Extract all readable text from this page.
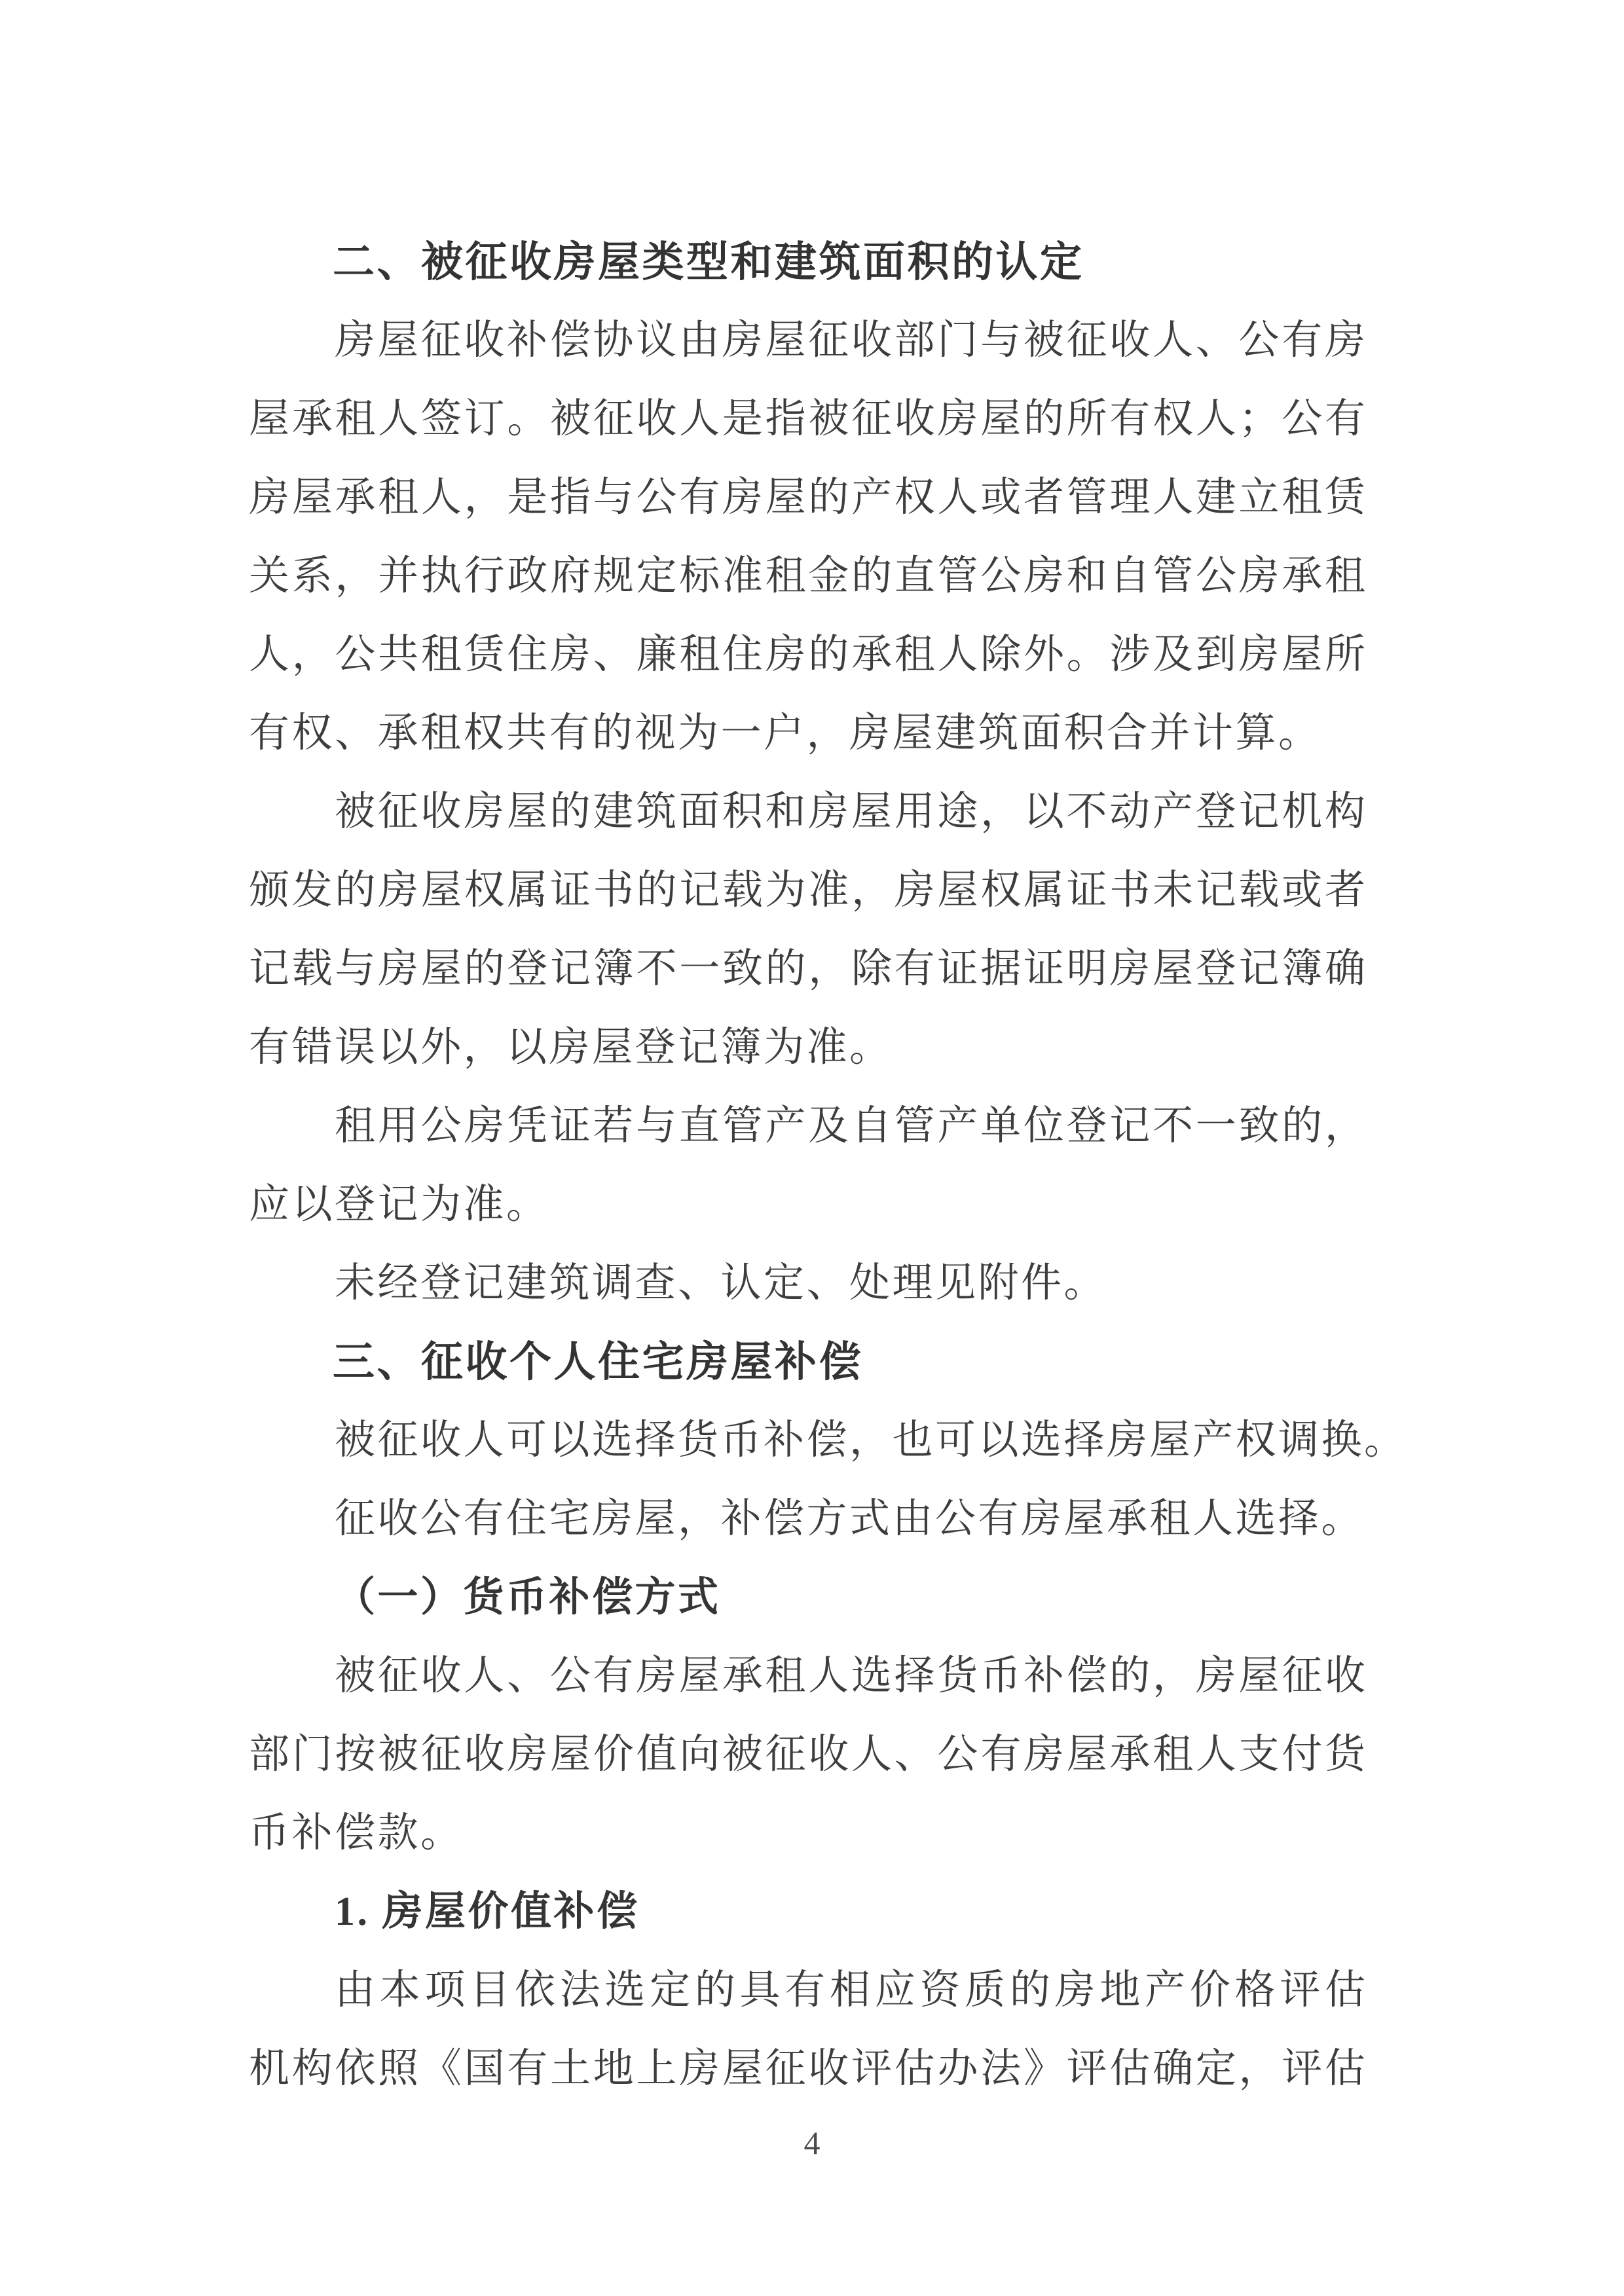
二、被征收房屋类型和建筑面积的认定
房屋征收补偿协议由房屋征收部门与被征收人、公有房
屋承租人签订。被征收人是指被征收房屋的所有权人；公有
房屋承租人，是指与公有房屋的产权人或者管理人建立租赁
关系，并执行政府规定标准租金的直管公房和自管公房承租
人，公共租赁住房、廉租住房的承租人除外。涉及到房屋所
有权、承租权共有的视为一户，房屋建筑面积合并计算。
被征收房屋的建筑面积和房屋用途，以不动产登记机构
颁发的房屋权属证书的记载为准，房屋权属证书未记载或者
记载与房屋的登记簿不一致的，除有证据证明房屋登记簿确
有错误以外，以房屋登记簿为准。
租用公房凭证若与直管产及自管产单位登记不一致的，
应以登记为准。
未经登记建筑调查、认定、处理见附件。
三、征收个人住宅房屋补偿
被征收人可以选择货币补偿，也可以选择房屋产权调换。
征收公有住宅房屋，补偿方式由公有房屋承租人选择。
（一）货币补偿方式
被征收人、公有房屋承租人选择货币补偿的，房屋征收
部门按被征收房屋价值向被征收人、公有房屋承租人支付货
币补偿款。
1. 房屋价值补偿
由本项目依法选定的具有相应资质的房地产价格评估
机构依照《国有土地上房屋征收评估办法》评估确定，评估
4
